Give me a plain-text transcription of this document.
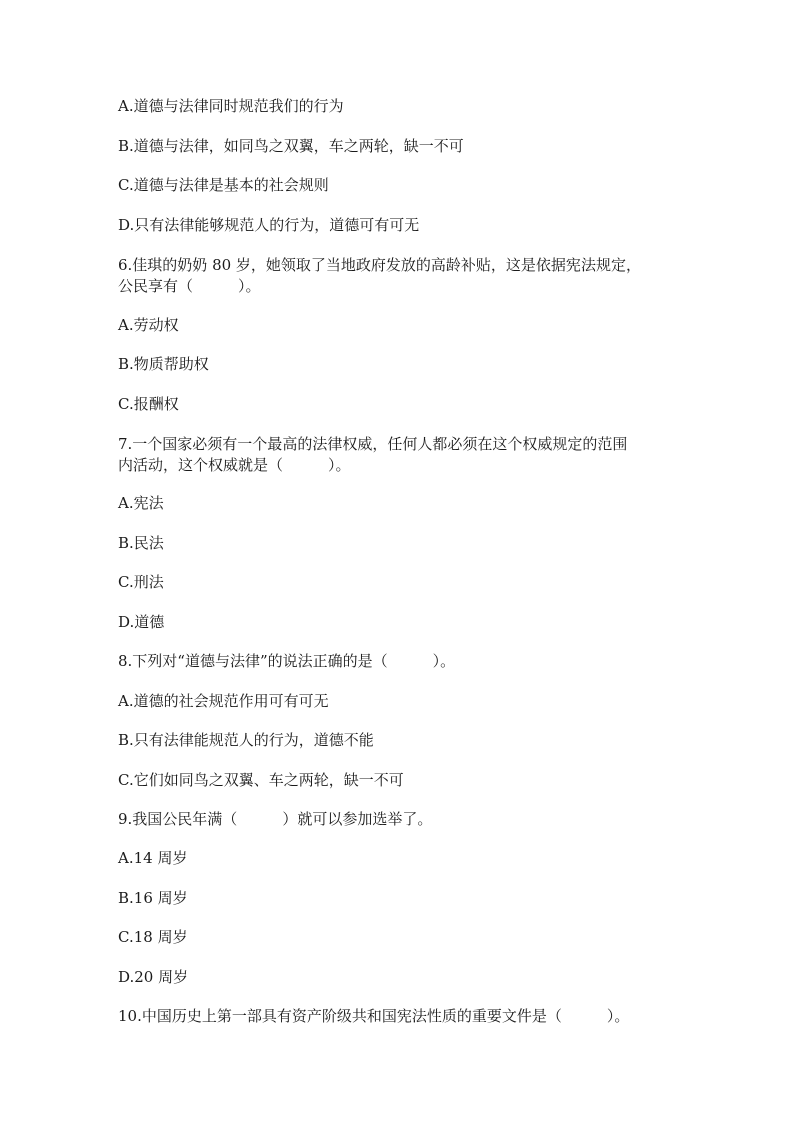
A.道德与法律同时规范我们的行为
B.道德与法律，如同鸟之双翼，车之两轮，缺一不可
C.道德与法律是基本的社会规则
D.只有法律能够规范人的行为，道德可有可无
6.佳琪的奶奶 80 岁，她领取了当地政府发放的高龄补贴，这是依据宪法规定，
公民享有（　　　）。
A.劳动权
B.物质帮助权
C.报酬权
7.一个国家必须有一个最高的法律权威，任何人都必须在这个权威规定的范围
内活动，这个权威就是（　　　）。
A.宪法
B.民法
C.刑法
D.道德
8.下列对“道德与法律”的说法正确的是（　　　）。
A.道德的社会规范作用可有可无
B.只有法律能规范人的行为，道德不能
C.它们如同鸟之双翼、车之两轮，缺一不可
9.我国公民年满（　　　）就可以参加选举了。
A.14 周岁
B.16 周岁
C.18 周岁
D.20 周岁
10.中国历史上第一部具有资产阶级共和国宪法性质的重要文件是（　　　）。
